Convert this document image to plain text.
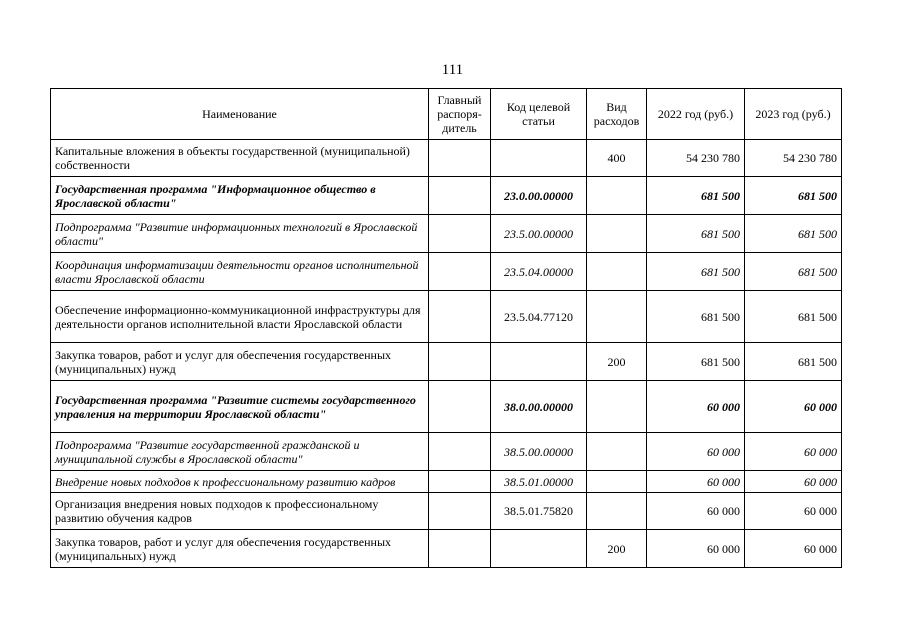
111
Наименование	Главный распоря-дитель	Код целевой статьи	Вид расходов	2022 год (руб.)	2023 год (руб.)
Капитальные вложения в объекты государственной (муниципальной) собственности			400	54 230 780	54 230 780
Государственная программа "Информационное общество в Ярославской области"		23.0.00.00000		681 500	681 500
Подпрограмма "Развитие информационных технологий в Ярославской области"		23.5.00.00000		681 500	681 500
Координация информатизации деятельности органов исполнительной власти Ярославской области		23.5.04.00000		681 500	681 500
Обеспечение информационно-коммуникационной инфраструктуры для деятельности органов исполнительной власти Ярославской области		23.5.04.77120		681 500	681 500
Закупка товаров, работ и услуг для обеспечения государственных (муниципальных) нужд			200	681 500	681 500
Государственная программа "Развитие системы государственного управления на территории Ярославской области"		38.0.00.00000		60 000	60 000
Подпрограмма "Развитие государственной гражданской и муниципальной службы в Ярославской области"		38.5.00.00000		60 000	60 000
Внедрение новых подходов к профессиональному развитию кадров		38.5.01.00000		60 000	60 000
Организация внедрения новых подходов к профессиональному развитию обучения кадров		38.5.01.75820		60 000	60 000
Закупка товаров, работ и услуг для обеспечения государственных (муниципальных) нужд			200	60 000	60 000
